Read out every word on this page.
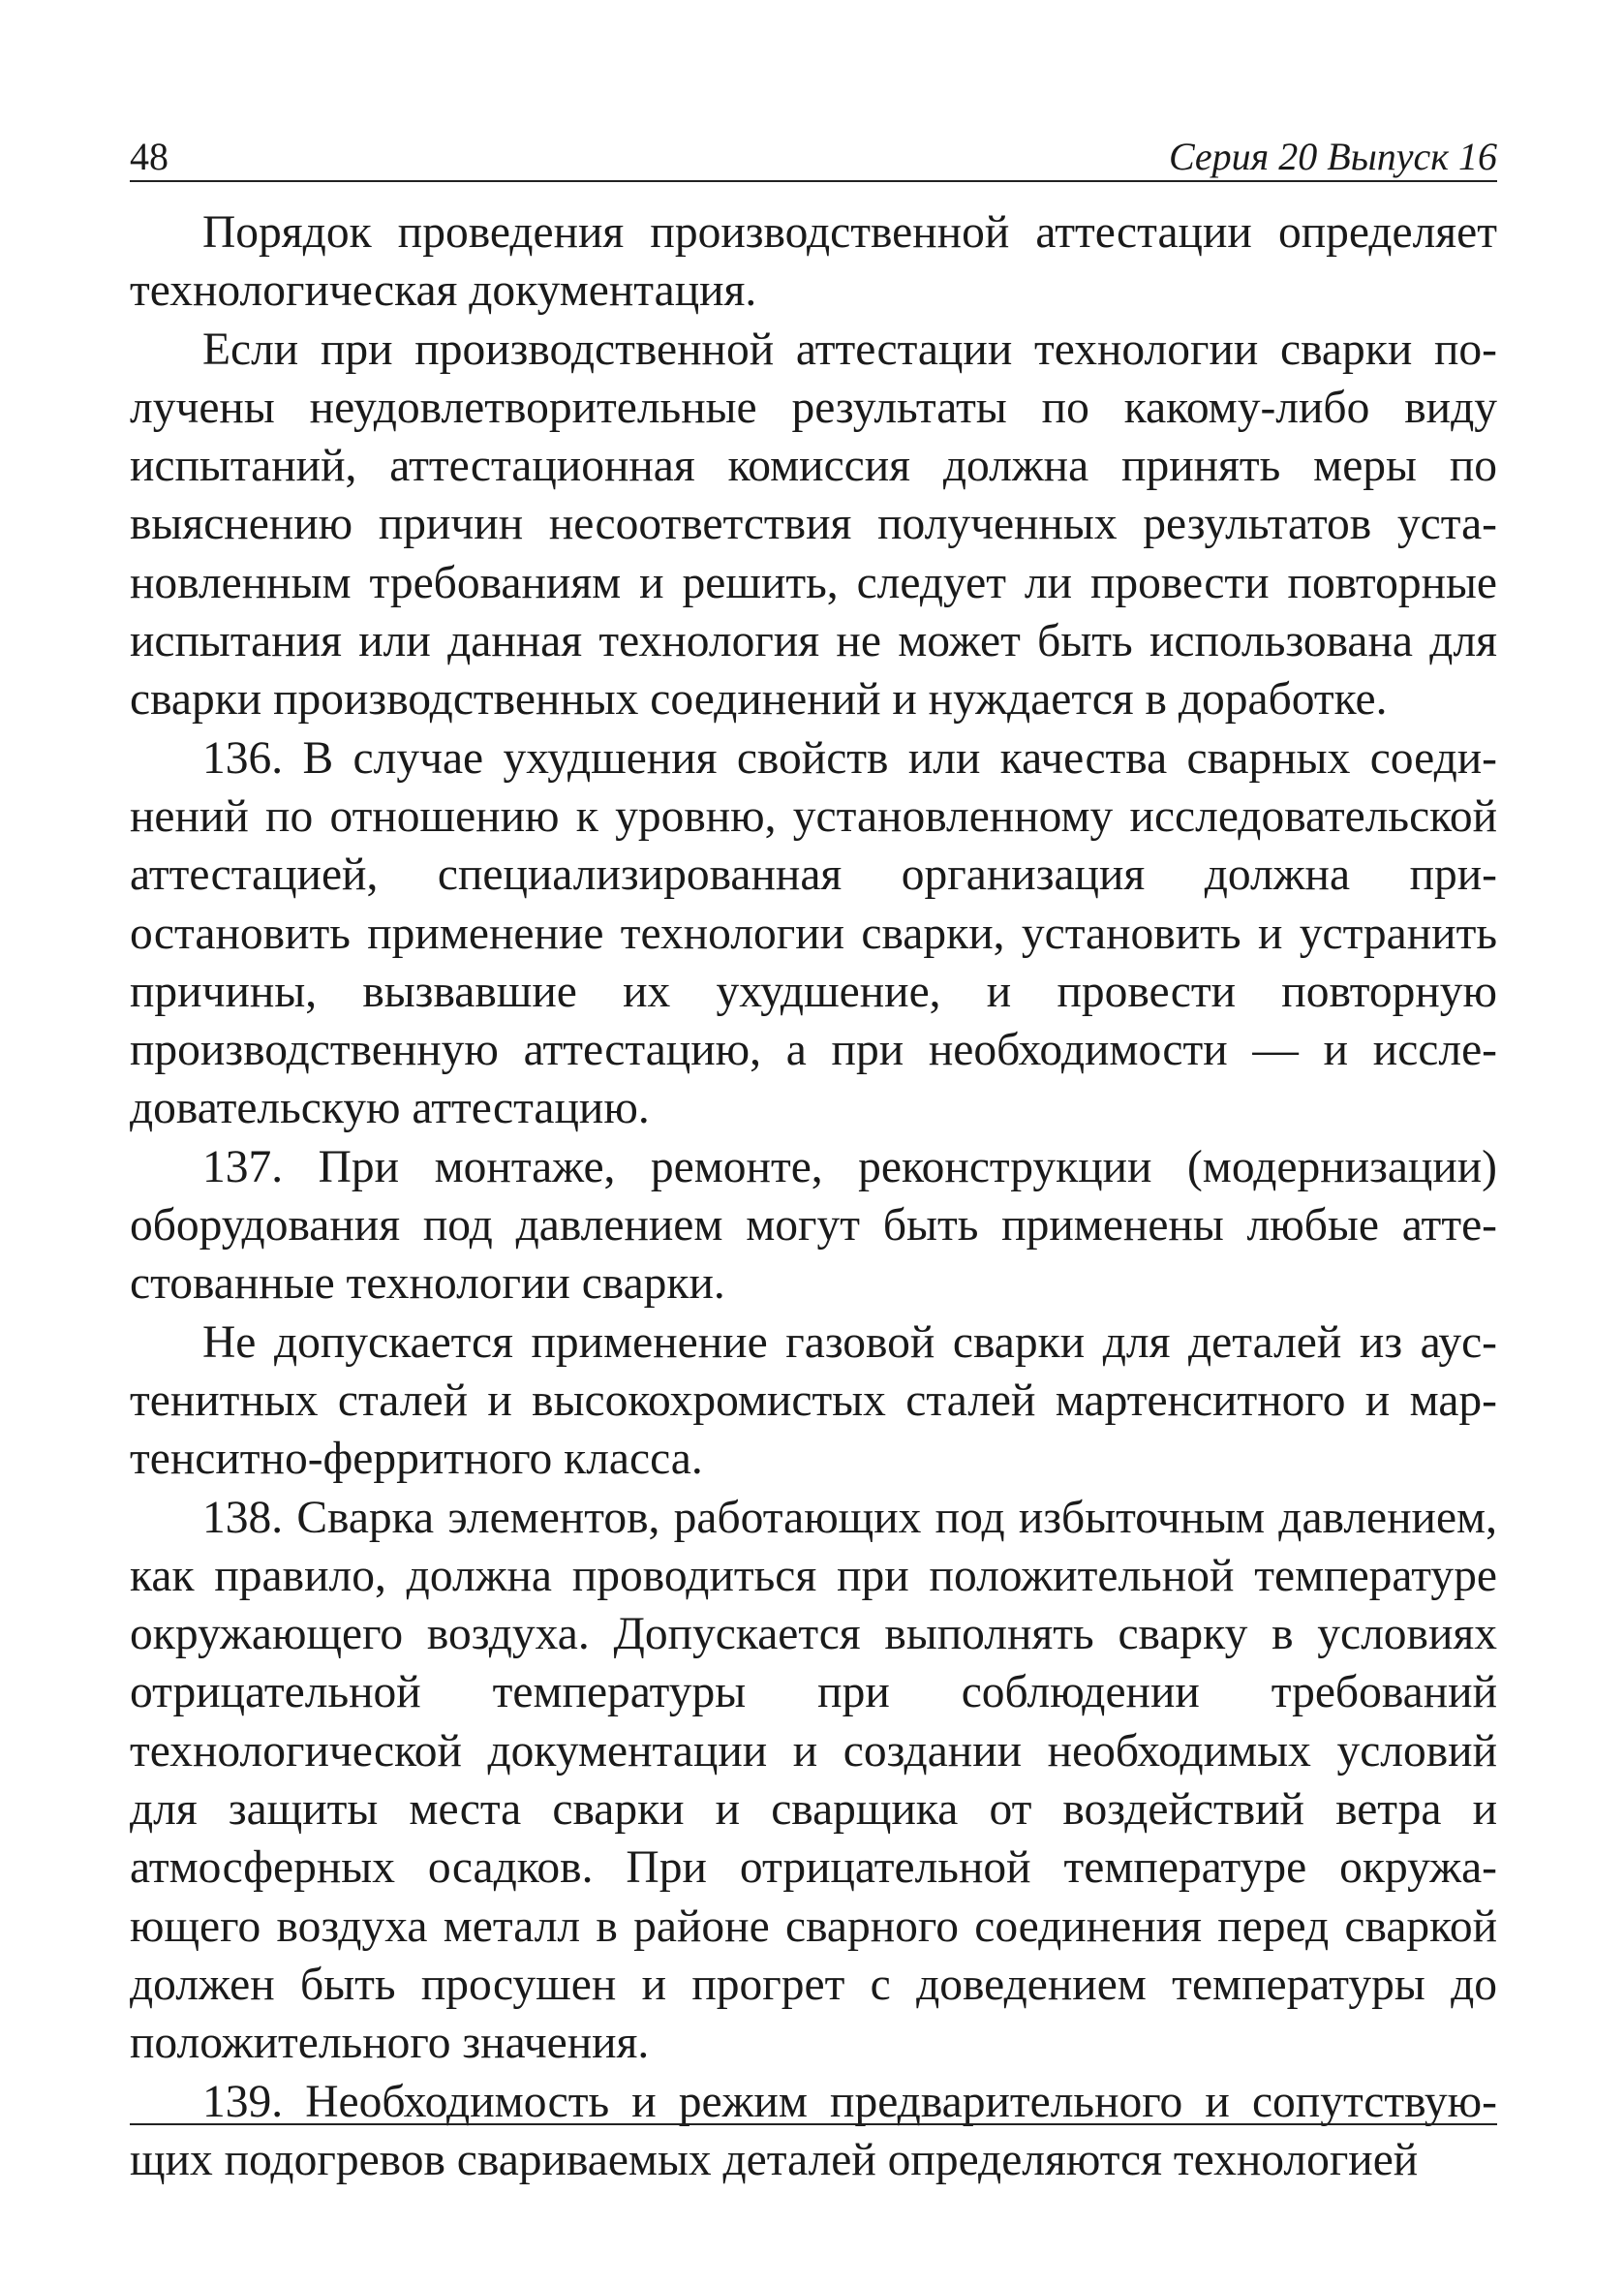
48	Серия 20 Выпуск 16

Порядок проведения производственной аттестации определяет технологическая документация.

Если при производственной аттестации технологии сварки получены неудовлетворительные результаты по какому-либо виду испытаний, аттестационная комиссия должна принять меры по выяснению причин несоответствия полученных результатов установленным требованиям и решить, следует ли провести повторные испытания или данная технология не может быть использована для сварки производственных соединений и нуждается в доработке.

136. В случае ухудшения свойств или качества сварных соединений по отношению к уровню, установленному исследовательской аттестацией, специализированная организация должна приостановить применение технологии сварки, установить и устранить причины, вызвавшие их ухудшение, и провести повторную производственную аттестацию, а при необходимости — и исследовательскую аттестацию.

137. При монтаже, ремонте, реконструкции (модернизации) оборудования под давлением могут быть применены любые аттестованные технологии сварки.

Не допускается применение газовой сварки для деталей из аустенитных сталей и высокохромистых сталей мартенситного и мартенситно-ферритного класса.

138. Сварка элементов, работающих под избыточным давлением, как правило, должна проводиться при положительной температуре окружающего воздуха. Допускается выполнять сварку в условиях отрицательной температуры при соблюдении требований технологической документации и создании необходимых условий для защиты места сварки и сварщика от воздействий ветра и атмосферных осадков. При отрицательной температуре окружающего воздуха металл в районе сварного соединения перед сваркой должен быть просушен и прогрет с доведением температуры до положительного значения.

139. Необходимость и режим предварительного и сопутствующих подогревов свариваемых деталей определяются технологией
